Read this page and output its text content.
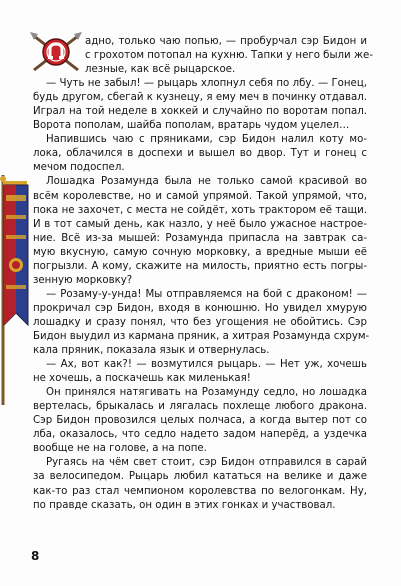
адно, только чаю попью, — пробурчал сэр Бидон и
с грохотом потопал на кухню. Тапки у него были же-
лезные, как всё рыцарское.
— Чуть не забыл! — рыцарь хлопнул себя по лбу. — Гонец,
будь другом, сбегай к кузнецу, я ему меч в починку отдавал.
Играл на той неделе в хоккей и случайно по воротам попал.
Ворота пополам, шайба пополам, вратарь чудом уцелел…
Напившись чаю с пряниками, сэр Бидон налил коту мо-
лока, облачился в доспехи и вышел во двор. Тут и гонец с
мечом подоспел.
Лошадка Розамунда была не только самой красивой во
всём королевстве, но и самой упрямой. Такой упрямой, что,
пока не захочет, с места не сойдёт, хоть трактором её тащи.
И в тот самый день, как назло, у неё было ужасное настрое-
ние. Всё из-за мышей: Розамунда припасла на завтрак са-
мую вкусную, самую сочную морковку, а вредные мыши её
погрызли. А кому, скажите на милость, приятно есть погры-
зенную морковку?
— Розаму-у-унда! Мы отправляемся на бой с драконом! —
прокричал сэр Бидон, входя в конюшню. Но увидел хмурую
лошадку и сразу понял, что без угощения не обойтись. Сэр
Бидон выудил из кармана пряник, а хитрая Розамунда схрум-
кала пряник, показала язык и отвернулась.
— Ах, вот как?! — возмутился рыцарь. — Нет уж, хочешь
не хочешь, а поскачешь как миленькая!
Он принялся натягивать на Розамунду седло, но лошадка
вертелась, брыкалась и лягалась похлеще любого дракона.
Сэр Бидон провозился целых полчаса, а когда вытер пот со
лба, оказалось, что седло надето задом наперёд, а уздечка
вообще не на голове, а на попе.
Ругаясь на чём свет стоит, сэр Бидон отправился в сарай
за велосипедом. Рыцарь любил кататься на велике и даже
как-то раз стал чемпионом королевства по велогонкам. Ну,
по правде сказать, он один в этих гонках и участвовал.
8
